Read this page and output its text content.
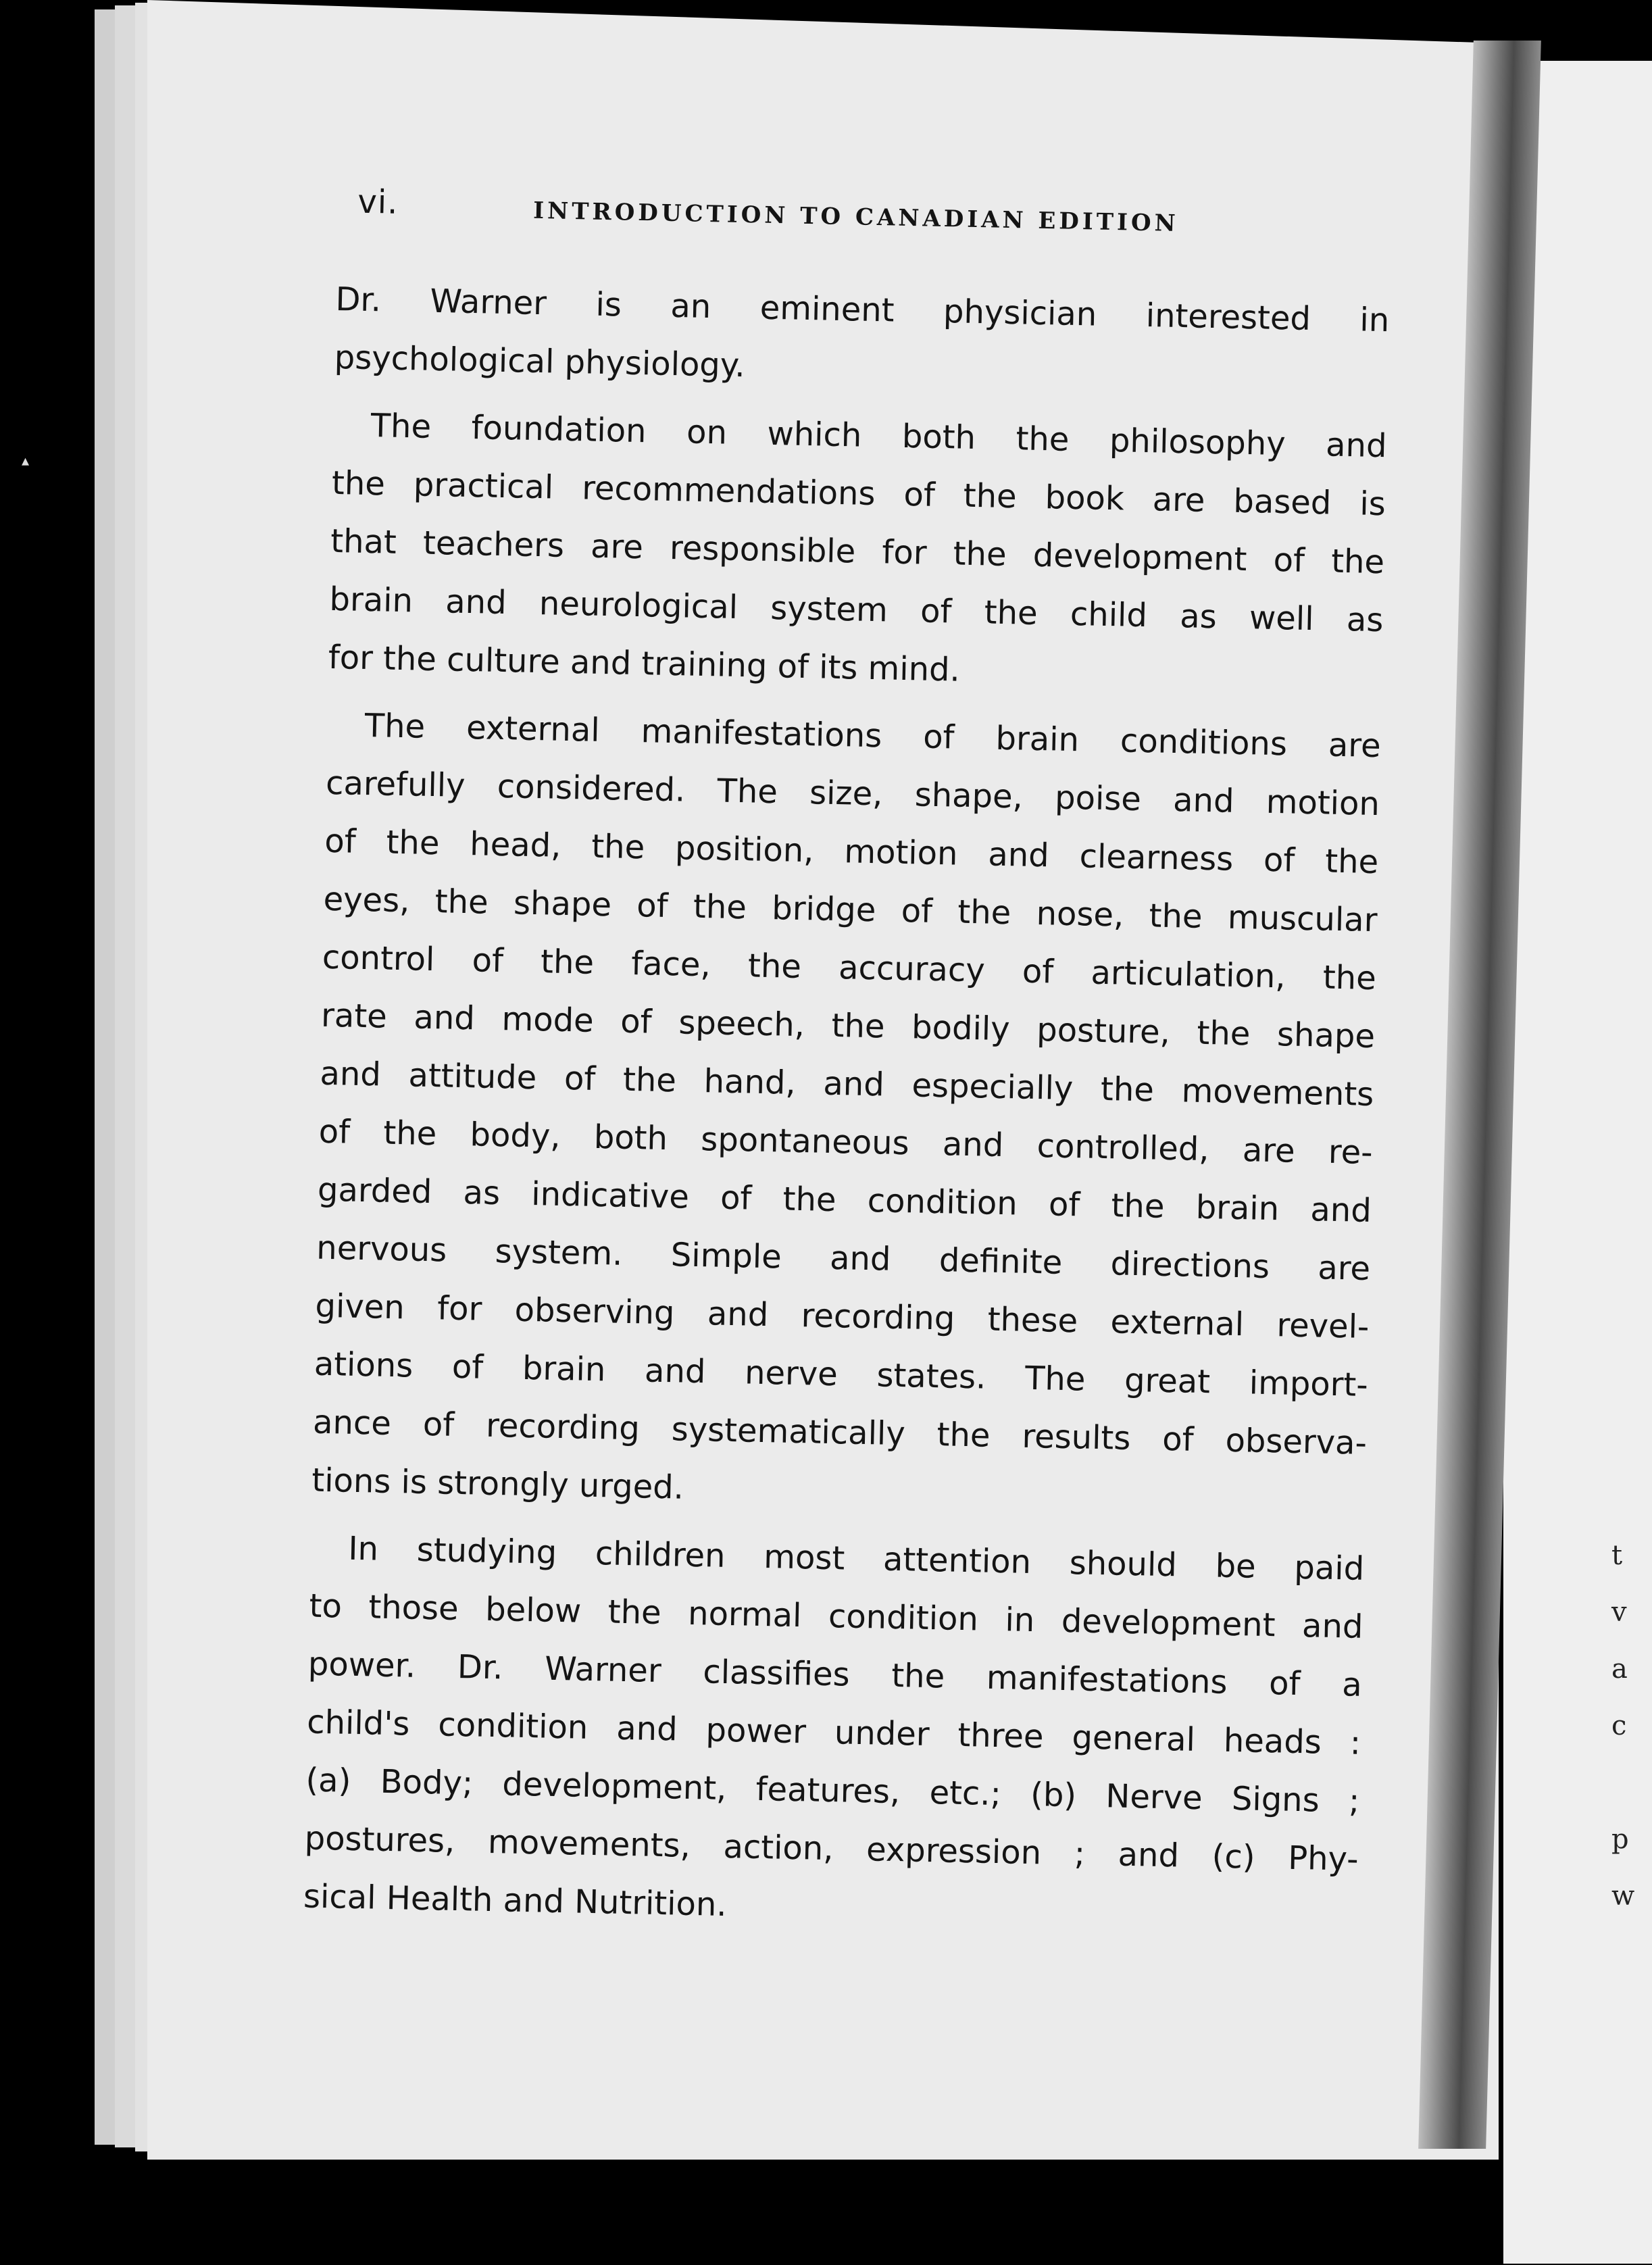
▴
t
v
a
c
p
w
vi.	INTRODUCTION TO CANADIAN EDITION
Dr. Warner is an eminent physician interested in
psychological physiology.
The foundation on which both the philosophy and
the practical recommendations of the book are based is
that teachers are responsible for the development of the
brain and neurological system of the child as well as
for the culture and training of its mind.
The external manifestations of brain conditions are
carefully considered. The size, shape, poise and motion
of the head, the position, motion and clearness of the
eyes, the shape of the bridge of the nose, the muscular
control of the face, the accuracy of articulation, the
rate and mode of speech, the bodily posture, the shape
and attitude of the hand, and especially the movements
of the body, both spontaneous and controlled, are re-
garded as indicative of the condition of the brain and
nervous system. Simple and definite directions are
given for observing and recording these external revel-
ations of brain and nerve states. The great import-
ance of recording systematically the results of observa-
tions is strongly urged.
In studying children most attention should be paid
to those below the normal condition in development and
power. Dr. Warner classifies the manifestations of a
child's condition and power under three general heads :
(a) Body; development, features, etc.; (b) Nerve Signs ;
postures, movements, action, expression ; and (c) Phy-
sical Health and Nutrition.
